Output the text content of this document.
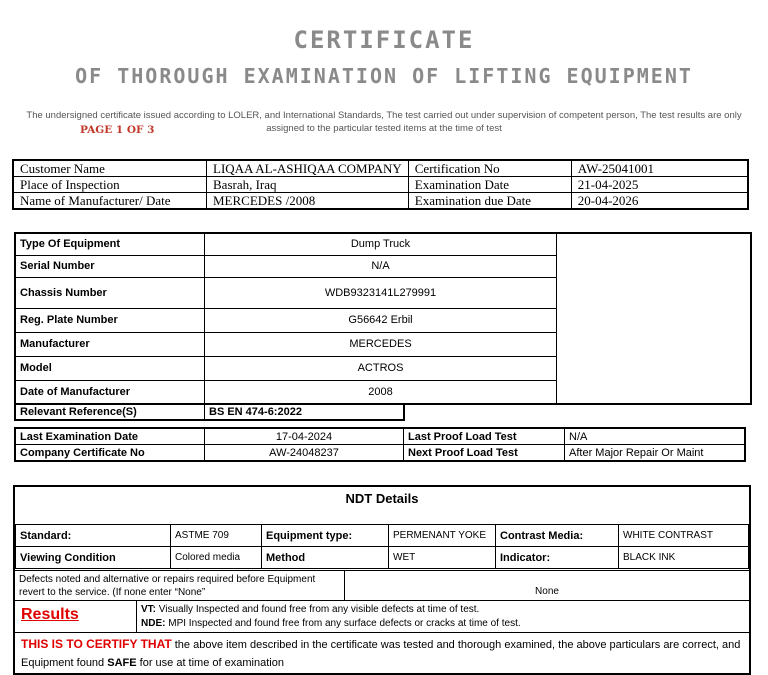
CERTIFICATE
OF THOROUGH EXAMINATION OF LIFTING EQUIPMENT
The undersigned certificate issued according to LOLER, and International Standards, The test carried out under supervision of competent person, The test results are only
assigned to the particular tested items at the time of test
PAGE 1 OF 3
Customer Name	LIQAA AL-ASHIQAA COMPANY	Certification No	AW-25041001
Place of Inspection	Basrah, Iraq	Examination Date	21-04-2025
Name of Manufacturer/ Date	MERCEDES /2008	Examination due Date	20-04-2026
Type Of Equipment	Dump Truck	
Serial Number	N/A	
Chassis Number	WDB9323141L279991	
Reg. Plate Number	G56642 Erbil	
Manufacturer	MERCEDES	
Model	ACTROS	
Date of Manufacturer	2008	
Relevant Reference(S)	BS EN 474-6:2022
Last Examination Date	17-04-2024	Last Proof Load Test	N/A
Company Certificate No	AW-24048237	Next Proof Load Test	After Major Repair Or Maint
NDT Details
Standard:	ASTME 709	Equipment type:	PERMENANT YOKE	Contrast Media:	WHITE CONTRAST
Viewing Condition	Colored media	Method	WET	Indicator:	BLACK INK
Defects noted and alternative or repairs required before Equipment revert to the service. (If none enter “None”	None
Results	VT: Visually Inspected and found free from any visible defects at time of test.
NDE: MPI Inspected and found free from any surface defects or cracks at time of test.
THIS IS TO CERTIFY THAT the above item described in the certificate was tested and thorough examined, the above particulars are correct, and Equipment found SAFE for use at time of examination
